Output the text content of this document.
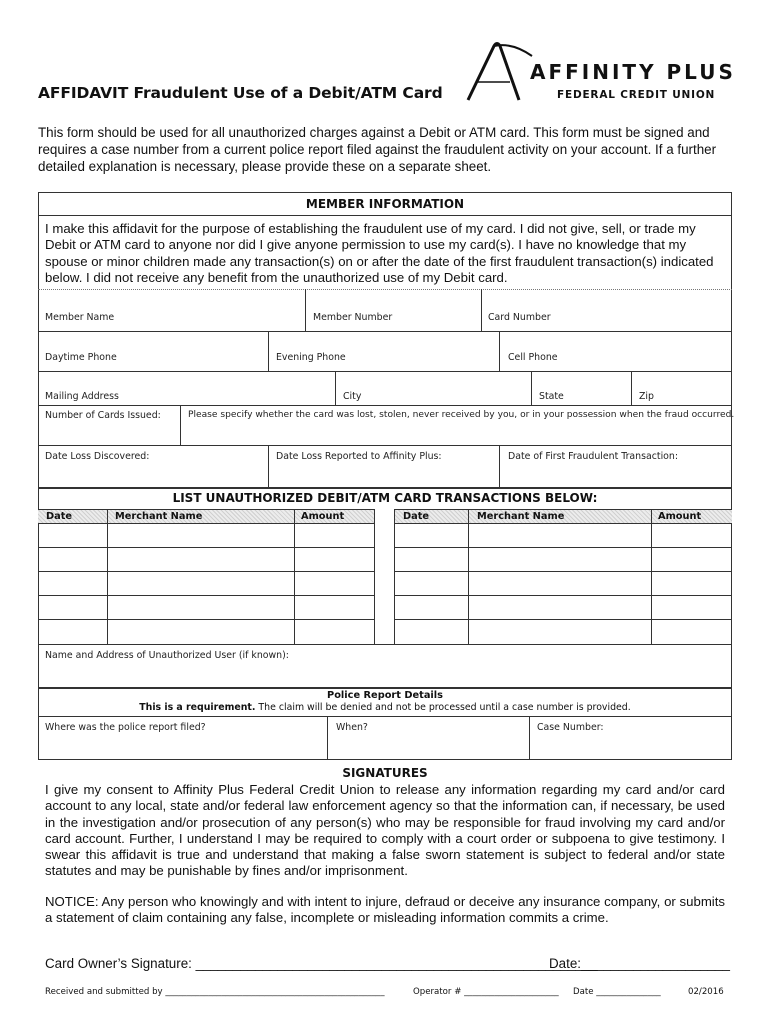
AFFIDAVIT Fraudulent Use of a Debit/ATM Card
AFFINITY PLUS
FEDERAL CREDIT UNION
This form should be used for all unauthorized charges against a Debit or ATM card. This form must be signed and requires a case number from a current police report filed against the fraudulent activity on your account. If a further detailed explanation is necessary, please provide these on a separate sheet.
MEMBER INFORMATION
I make this affidavit for the purpose of establishing the fraudulent use of my card. I did not give, sell, or trade my Debit or ATM card to anyone nor did I give anyone permission to use my card(s). I have no knowledge that my spouse or minor children made any transaction(s) on or after the date of the first fraudulent transaction(s) indicated below. I did not receive any benefit from the unauthorized use of my Debit card.
Member Name	Member Number	Card Number
Daytime Phone	Evening Phone	Cell Phone
Mailing Address	City	State	Zip
Number of Cards Issued:	Please specify whether the card was lost, stolen, never received by you, or in your possession when the fraud occurred.
Date Loss Discovered:	Date Loss Reported to Affinity Plus:	Date of First Fraudulent Transaction:
LIST UNAUTHORIZED DEBIT/ATM CARD TRANSACTIONS BELOW:
Date	Merchant Name	Amount	Date	Merchant Name	Amount
Name and Address of Unauthorized User (if known):
Police Report Details
This is a requirement. The claim will be denied and not be processed until a case number is provided.
Where was the police report filed?	When?	Case Number:
SIGNATURES
I give my consent to Affinity Plus Federal Credit Union to release any information regarding my card and/or card account to any local, state and/or federal law enforcement agency so that the information can, if necessary, be used in the investigation and/or prosecution of any person(s) who may be responsible for fraud involving my card and/or card account. Further, I understand I may be required to comply with a court order or subpoena to give testimony. I swear this affidavit is true and understand that making a false sworn statement is subject to federal and/or state statutes and may be punishable by fines and/or imprisonment.
NOTICE: Any person who knowingly and with intent to injure, defraud or deceive any insurance company, or submits a statement of claim containing any false, incomplete or misleading information commits a crime.
Card Owner’s Signature: ______________________________________________________
Date:____________________
Received and submitted by ___________________________________________________	Operator # ______________________ Date _______________	02/2016
